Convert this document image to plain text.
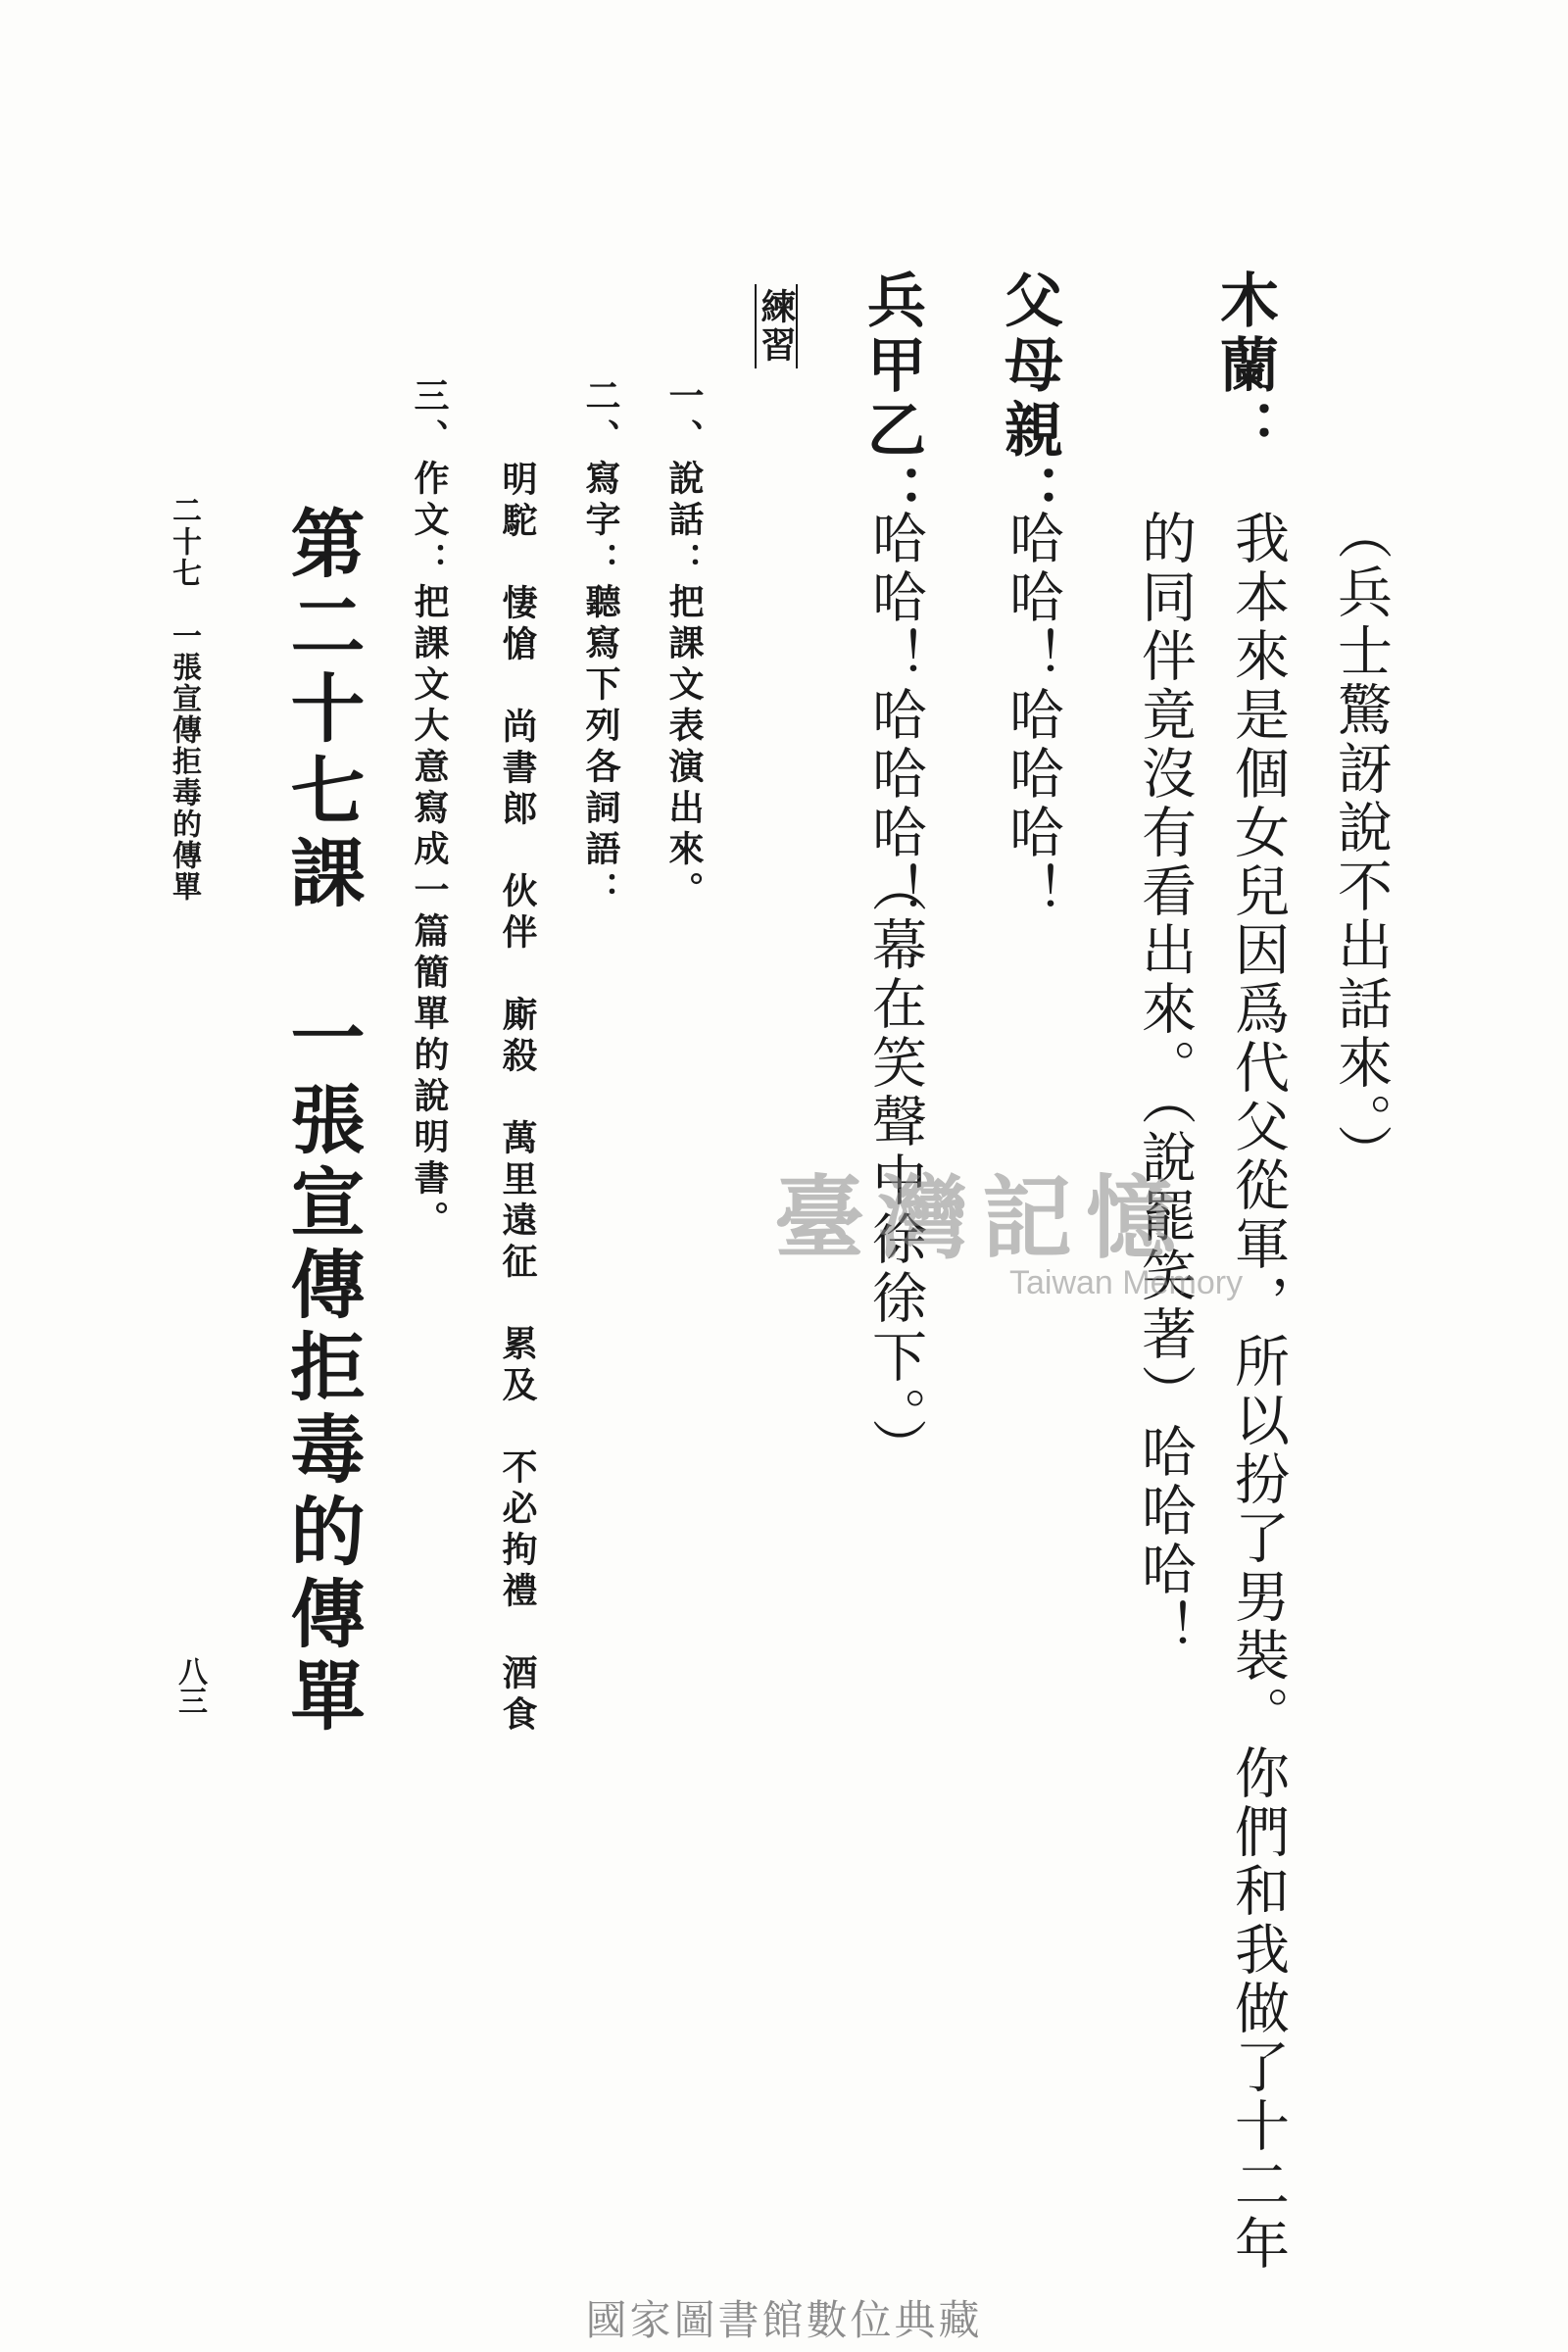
木蘭：
（兵士驚訝說不出話來。）
我本來是個女兒因爲代父從軍，所以扮了男裝。你們和我做了十二年
的同伴竟沒有看出來。（說罷笑著）哈哈哈！
父母親：
哈哈！哈哈哈！
兵甲乙：
哈哈！哈哈哈！
（幕在笑聲中徐徐下。）
練習
一、說話：把課文表演出來。
二、寫字：聽寫下列各詞語：
明駝　悽愴　尚書郎　伙伴　廝殺　萬里遠征　累及　不必拘禮　酒食
三、作文：把課文大意寫成一篇簡單的說明書。
第二十七課　一張宣傳拒毒的傳單
二十七　一張宣傳拒毒的傳單
八三
臺灣記憶
Taiwan Memory
國家圖書館數位典藏
